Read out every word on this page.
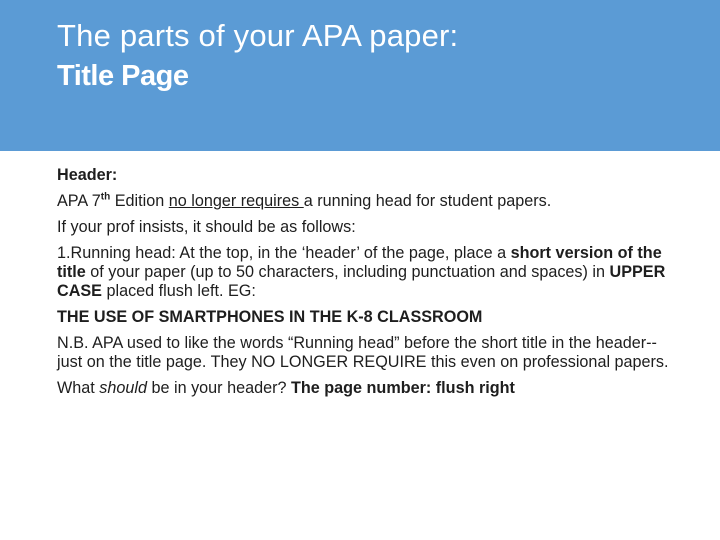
The parts of your APA paper:
Title Page

Header:

APA 7th Edition no longer requires a running head for student papers.

If your prof insists, it should be as follows:

1.Running head: At the top, in the ‘header’ of the page, place a short version of the title of your paper (up to 50 characters, including punctuation and spaces) in UPPER CASE placed flush left. EG:

THE USE OF SMARTPHONES IN THE K-8 CLASSROOM

N.B. APA used to like the words “Running head” before the short title in the header-- just on the title page. They NO LONGER REQUIRE this even on professional papers.

What should be in your header? The page number: flush right
